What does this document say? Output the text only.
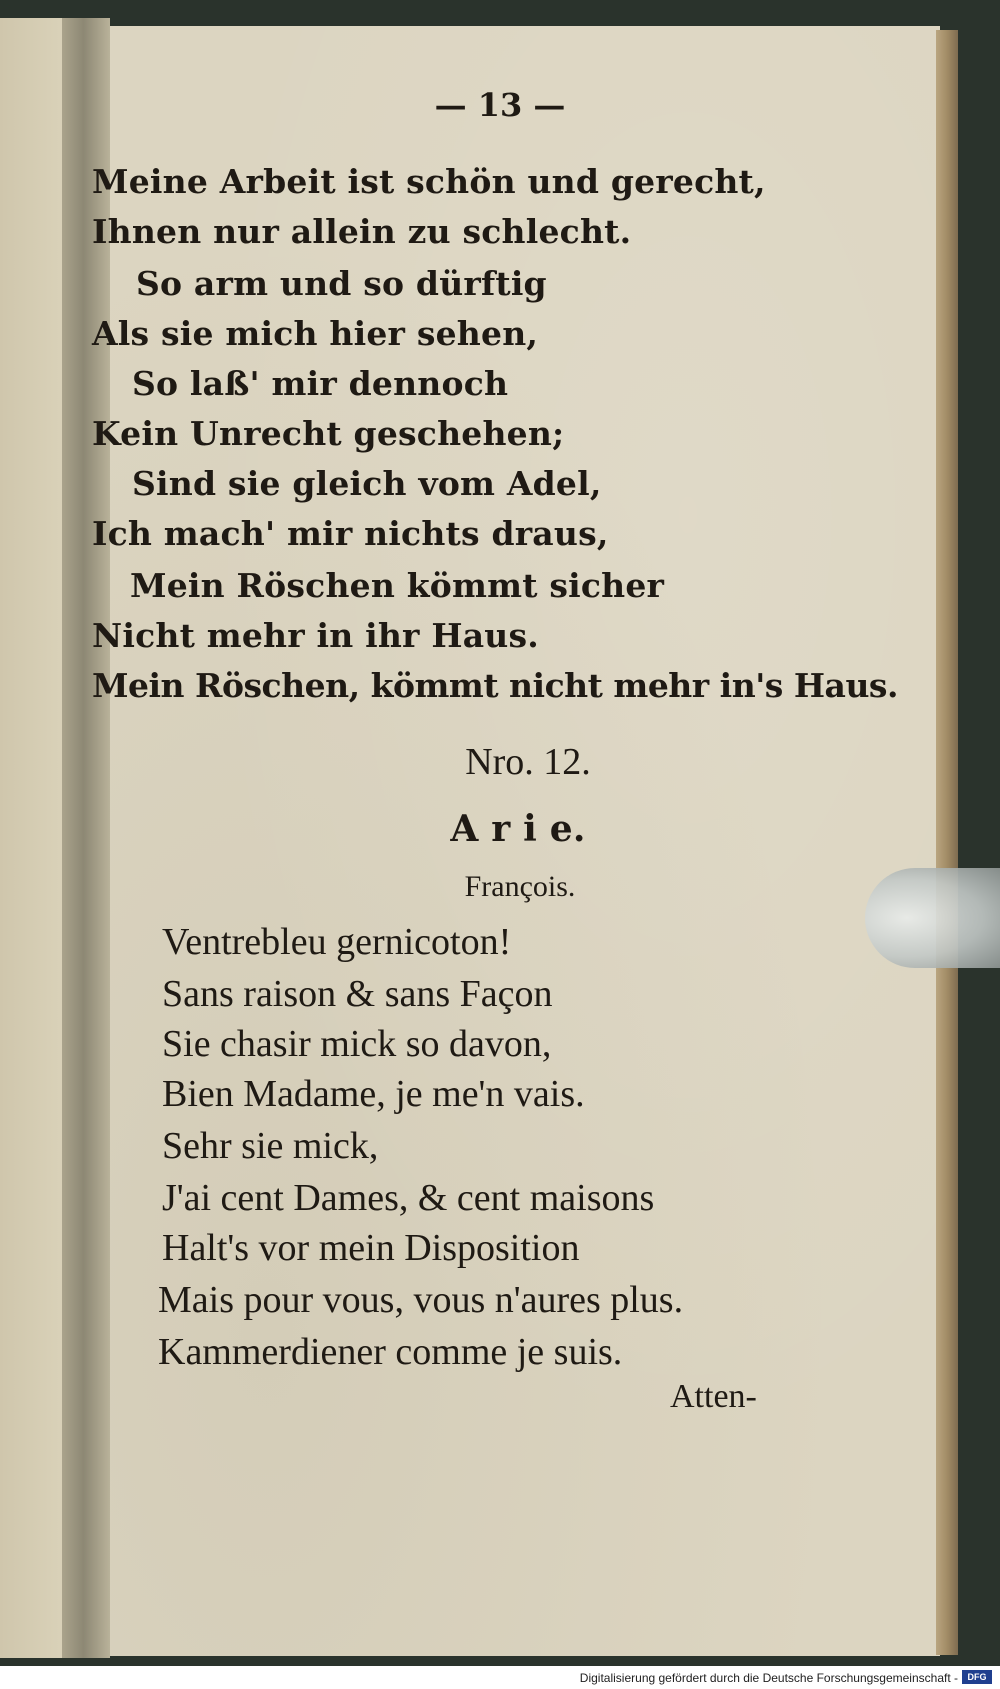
— 13 —
Meine Arbeit ist schön und gerecht,
Ihnen nur allein zu schlecht.
So arm und so dürftig
Als sie mich hier sehen,
So laß' mir dennoch
Kein Unrecht geschehen;
Sind sie gleich vom Adel,
Ich mach' mir nichts draus,
Mein Röschen kömmt sicher
Nicht mehr in ihr Haus.
Mein Röschen, kömmt nicht mehr in's Haus.
Nro. 12.
A r i e.
François.
Ventrebleu gernicoton!
Sans raison & sans Façon
Sie chasir mick so davon,
Bien Madame, je me'n vais.
Sehr sie mick,
J'ai cent Dames, & cent maisons
Halt's vor mein Disposition
Mais pour vous, vous n'aures plus.
Kammerdiener comme je suis.
Atten-
Digitalisierung gefördert durch die Deutsche Forschungsgemeinschaft -	DFG
